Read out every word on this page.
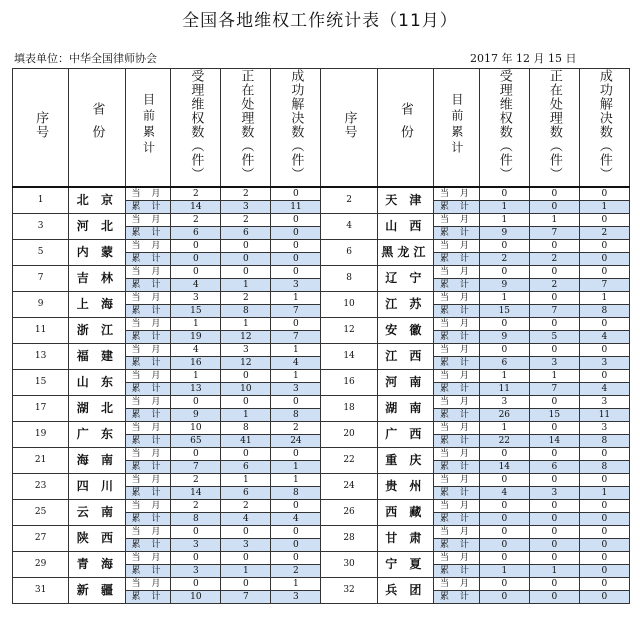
全国各地维权工作统计表（11月）
填表单位：中华全国律师协会	2017 年 12 月 15 日
序号	省份	目前累计	受理维权数（件）	正在处理数（件）	成功解决数（件）	序号	省份	目前累计	受理维权数（件）	正在处理数（件）	成功解决数（件）
1	北 京	当 月	2	2	0	2	天 津	当 月	0	0	0
		累 计	14	3	11			累 计	1	0	1
3	河 北	当 月	2	2	0	4	山 西	当 月	1	1	0
		累 计	6	6	0			累 计	9	7	2
5	内 蒙	当 月	0	0	0	6	黑龙江	当 月	0	0	0
		累 计	0	0	0			累 计	2	2	0
7	吉 林	当 月	0	0	0	8	辽 宁	当 月	0	0	0
		累 计	4	1	3			累 计	9	2	7
9	上 海	当 月	3	2	1	10	江 苏	当 月	1	0	1
		累 计	15	8	7			累 计	15	7	8
11	浙 江	当 月	1	1	0	12	安 徽	当 月	0	0	0
		累 计	19	12	7			累 计	9	5	4
13	福 建	当 月	4	3	1	14	江 西	当 月	0	0	0
		累 计	16	12	4			累 计	6	3	3
15	山 东	当 月	1	0	1	16	河 南	当 月	1	1	0
		累 计	13	10	3			累 计	11	7	4
17	湖 北	当 月	0	0	0	18	湖 南	当 月	3	0	3
		累 计	9	1	8			累 计	26	15	11
19	广 东	当 月	10	8	2	20	广 西	当 月	1	0	3
		累 计	65	41	24			累 计	22	14	8
21	海 南	当 月	0	0	0	22	重 庆	当 月	0	0	0
		累 计	7	6	1			累 计	14	6	8
23	四 川	当 月	2	1	1	24	贵 州	当 月	0	0	0
		累 计	14	6	8			累 计	4	3	1
25	云 南	当 月	2	2	0	26	西 藏	当 月	0	0	0
		累 计	8	4	4			累 计	0	0	0
27	陕 西	当 月	0	0	0	28	甘 肃	当 月	0	0	0
		累 计	3	3	0			累 计	0	0	0
29	青 海	当 月	0	0	0	30	宁 夏	当 月	0	0	0
		累 计	3	1	2			累 计	1	1	0
31	新 疆	当 月	0	0	1	32	兵 团	当 月	0	0	0
		累 计	10	7	3			累 计	0	0	0
